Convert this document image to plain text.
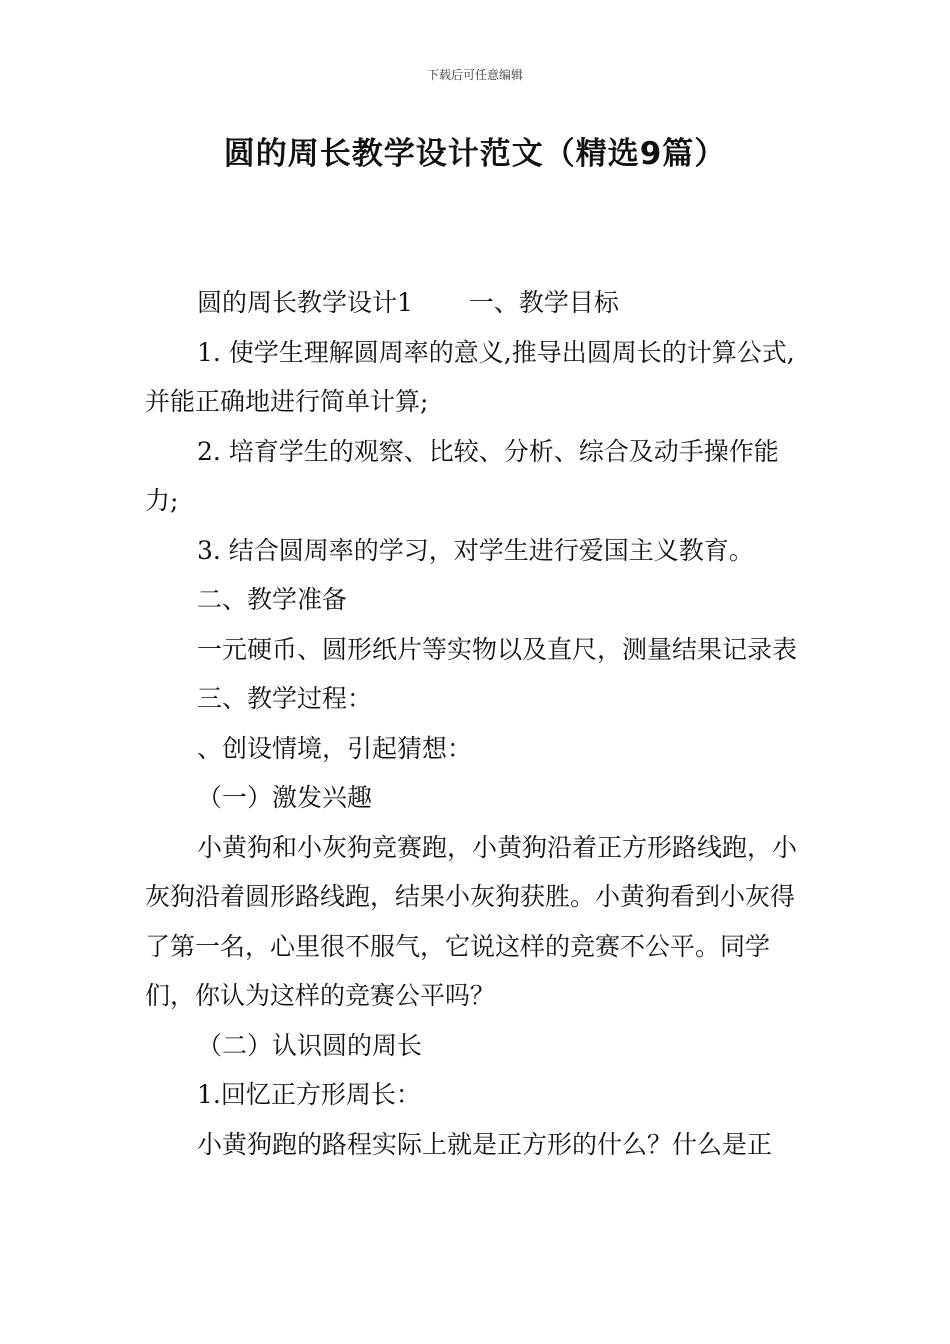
下载后可任意编辑
圆的周长教学设计范文（精选9篇）

圆的周长教学设计1 一、教学目标

1. 使学生理解圆周率的意义,推导出圆周长的计算公式,并能正确地进行简单计算;

2. 培育学生的观察、比较、分析、综合及动手操作能力;

3. 结合圆周率的学习，对学生进行爱国主义教育。

二、教学准备

一元硬币、圆形纸片等实物以及直尺，测量结果记录表

三、教学过程：

、创设情境，引起猜想：

（一）激发兴趣

小黄狗和小灰狗竞赛跑，小黄狗沿着正方形路线跑，小灰狗沿着圆形路线跑，结果小灰狗获胜。小黄狗看到小灰得了第一名，心里很不服气，它说这样的竞赛不公平。同学们，你认为这样的竞赛公平吗？

（二）认识圆的周长

1.回忆正方形周长：

小黄狗跑的路程实际上就是正方形的什么？什么是正
